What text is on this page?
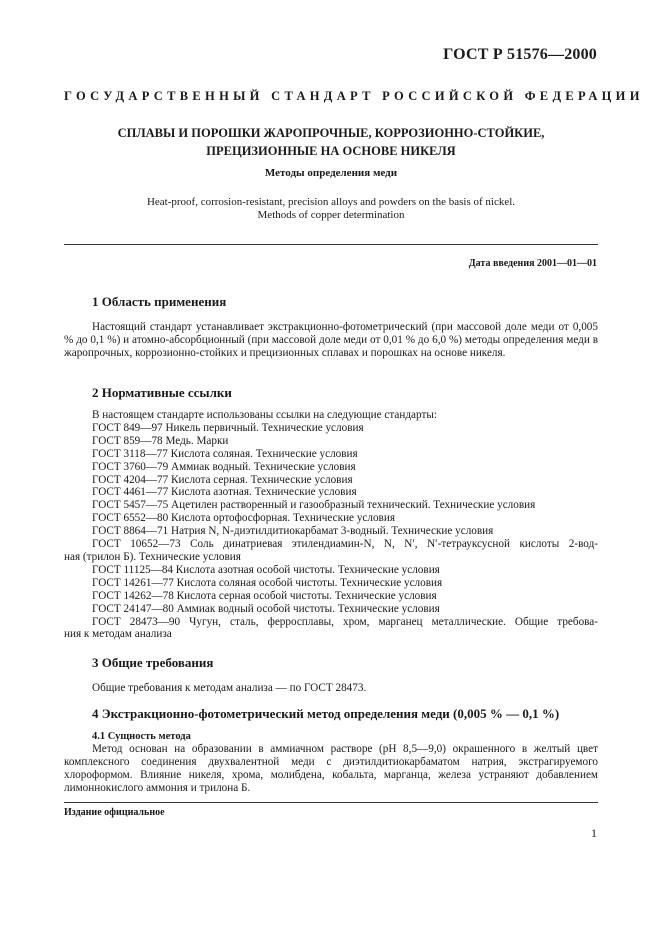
ГОСТ Р 51576—2000
ГОСУДАРСТВЕННЫЙ СТАНДАРТ РОССИЙСКОЙ ФЕДЕРАЦИИ
СПЛАВЫ И ПОРОШКИ ЖАРОПРОЧНЫЕ, КОРРОЗИОННО-СТОЙКИЕ,
ПРЕЦИЗИОННЫЕ НА ОСНОВЕ НИКЕЛЯ
Методы определения меди
Heat-proof, corrosion-resistant, precision alloys and powders on the basis of nickel.
Methods of copper determination
Дата введения 2001—01—01
1 Область применения
Настоящий стандарт устанавливает экстракционно-фотометрический (при массовой доле меди от 0,005 % до 0,1 %) и атомно-абсорбционный (при массовой доле меди от 0,01 % до 6,0 %) методы определения меди в жаропрочных, коррозионно-стойких и прецизионных сплавах и порошках на основе никеля.
2 Нормативные ссылки
В настоящем стандарте использованы ссылки на следующие стандарты:
ГОСТ 849—97 Никель первичный. Технические условия
ГОСТ 859—78 Медь. Марки
ГОСТ 3118—77 Кислота соляная. Технические условия
ГОСТ 3760—79 Аммиак водный. Технические условия
ГОСТ 4204—77 Кислота серная. Технические условия
ГОСТ 4461—77 Кислота азотная. Технические условия
ГОСТ 5457—75 Ацетилен растворенный и газообразный технический. Технические условия
ГОСТ 6552—80 Кислота ортофосфорная. Технические условия
ГОСТ 8864—71 Натрия N, N-диэтилдитиокарбамат 3-водный. Технические условия
ГОСТ 10652—73 Соль динатриевая этилендиамин-N, N, N′, N′-тетрауксусной кислоты 2-вод-
ная (трилон Б). Технические условия
ГОСТ 11125—84 Кислота азотная особой чистоты. Технические условия
ГОСТ 14261—77 Кислота соляная особой чистоты. Технические условия
ГОСТ 14262—78 Кислота серная особой чистоты. Технические условия
ГОСТ 24147—80 Аммиак водный особой чистоты. Технические условия
ГОСТ 28473—90 Чугун, сталь, ферросплавы, хром, марганец металлические. Общие требова-
ния к методам анализа
3 Общие требования
Общие требования к методам анализа — по ГОСТ 28473.
4 Экстракционно-фотометрический метод определения меди (0,005 % — 0,1 %)
4.1 Сущность метода
Метод основан на образовании в аммиачном растворе (рН 8,5—9,0) окрашенного в желтый цвет комплексного соединения двухвалентной меди с диэтилдитиокарбаматом натрия, экстрагируемого хлороформом. Влияние никеля, хрома, молибдена, кобальта, марганца, железа устраняют добавлением лимоннокислого аммония и трилона Б.
Издание официальное
1
